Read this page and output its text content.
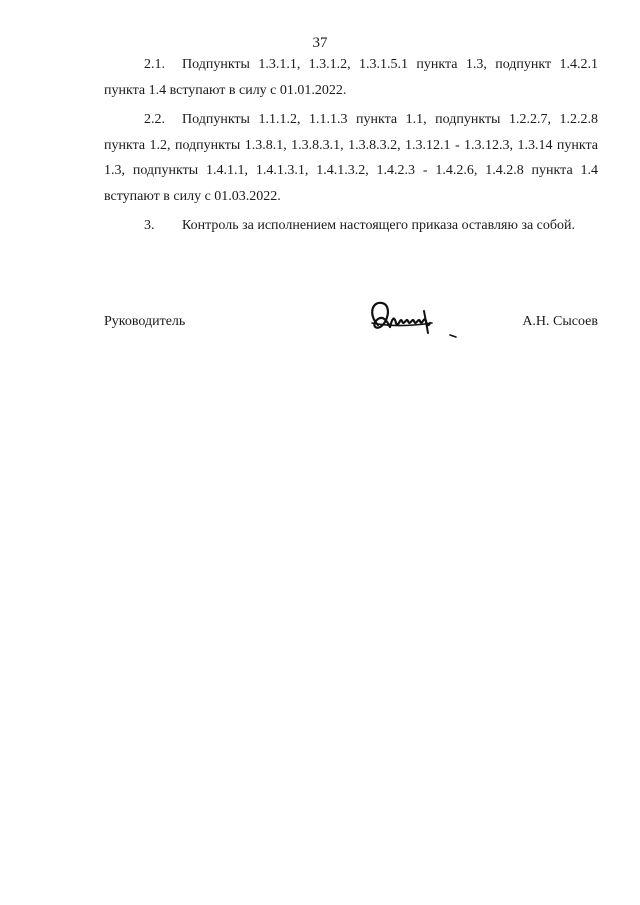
37

2.1. Подпункты 1.3.1.1, 1.3.1.2, 1.3.1.5.1 пункта 1.3, подпункт 1.4.2.1 пункта 1.4 вступают в силу с 01.01.2022.

2.2. Подпункты 1.1.1.2, 1.1.1.3 пункта 1.1, подпункты 1.2.2.7, 1.2.2.8 пункта 1.2, подпункты 1.3.8.1, 1.3.8.3.1, 1.3.8.3.2, 1.3.12.1 - 1.3.12.3, 1.3.14 пункта 1.3, подпункты 1.4.1.1, 1.4.1.3.1, 1.4.1.3.2, 1.4.2.3 - 1.4.2.6, 1.4.2.8 пункта 1.4 вступают в силу с 01.03.2022.

3. Контроль за исполнением настоящего приказа оставляю за собой.

Руководитель	А.Н. Сысоев
